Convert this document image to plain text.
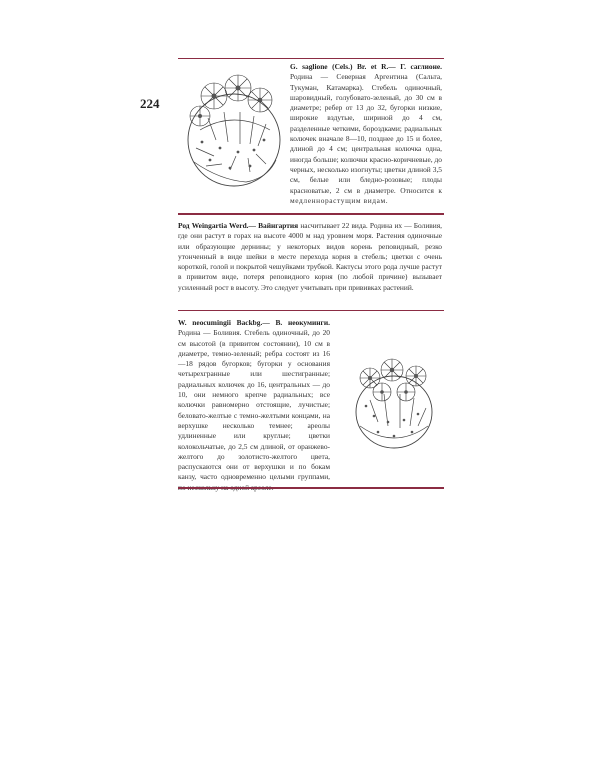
224
G. saglione (Cels.) Br. et R.— Г. саглионе. Родина — Северная Аргентина (Сальта, Тукуман, Катамарка). Стебель одиночный, шаровидный, голубовато-зеленый, до 30 см в диаметре; ребер от 13 до 32, бугорки низкие, широкие вздутые, шириной до 4 см, разделенные четкими, бороздками; радиальных колючек вначале 8—10, позднее до 15 и более, длиной до 4 см; центральная колючка одна, иногда больше; колючки красно-коричневые, до черных, несколько изогнуты; цветки длиной 3,5 см, белые или бледно-розовые; плоды красноватые, 2 см в диаметре. Относится к медленнорастущим видам.
Род Weingartia Werd.— Вайнгартия насчитывает 22 вида. Родина их — Боливия, где они растут в горах на высоте 4000 м над уровнем моря. Растения одиночные или образующие дернины; у некоторых видов корень реповидный, резко утонченный в виде шейки в месте перехода корня в стебель; цветки с очень короткой, голой и покрытой чешуйками трубкой. Кактусы этого рода лучше растут в привитом виде, потеря реповидного корня (по любой причине) вызывает усиленный рост в высоту. Это следует учитывать при прививках растений.
W. neocumingii Backbg.— В. неокуминги. Родина — Боливия. Стебель одиночный, до 20 см высотой (в привитом состоянии), 10 см в диаметре, темно-зеленый; ребра состоят из 16—18 рядов бугорков; бугорки у основания четырехгранные или шестигранные; радиальных колючек до 16, центральных — до 10, они немного крепче радиальных; все колючки равномерно отстоящие, лучистые; беловато-желтые с темно-желтыми концами, на верхушке несколько темнее; ареолы удлиненные или круглые; цветки колокольчатые, до 2,5 см длиной, от оранжево-желтого до золотисто-желтого цвета, распускаются они от верхушки и по бокам канзу, часто одновременно целыми группами, по нескольку на одной ареоле.
